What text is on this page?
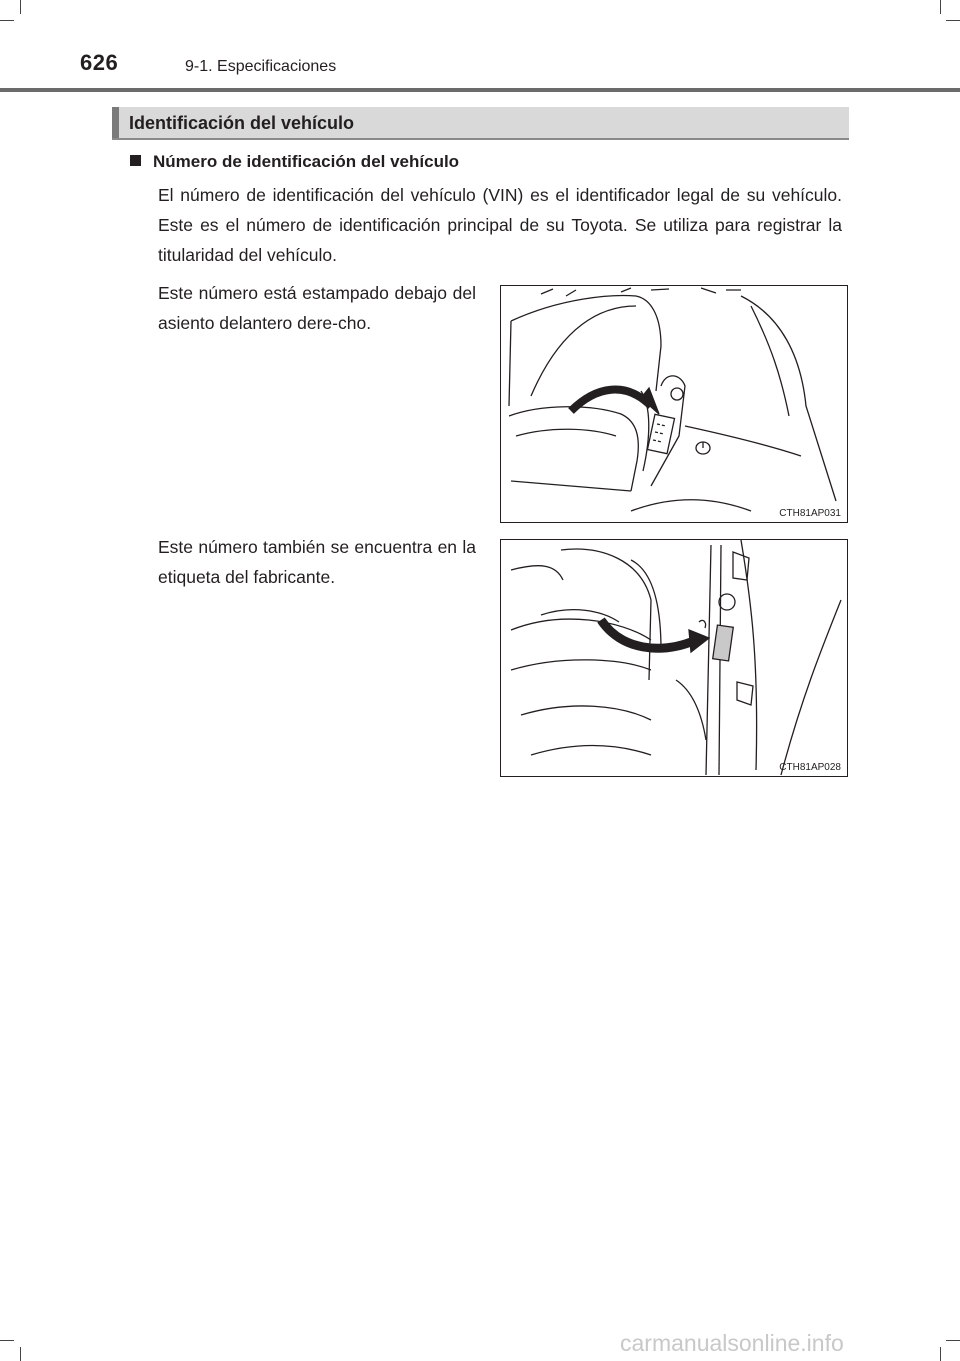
626	9-1. Especificaciones
Identificación del vehículo
Número de identificación del vehículo
El número de identificación del vehículo (VIN) es el identificador legal de su vehículo. Este es el número de identificación principal de su Toyota. Se utiliza para registrar la titularidad del vehículo.
Este número está estampado debajo del asiento delantero dere-cho.
CTH81AP031
Este número también se encuentra en la etiqueta del fabricante.
CTH81AP028
carmanualsonline.info
